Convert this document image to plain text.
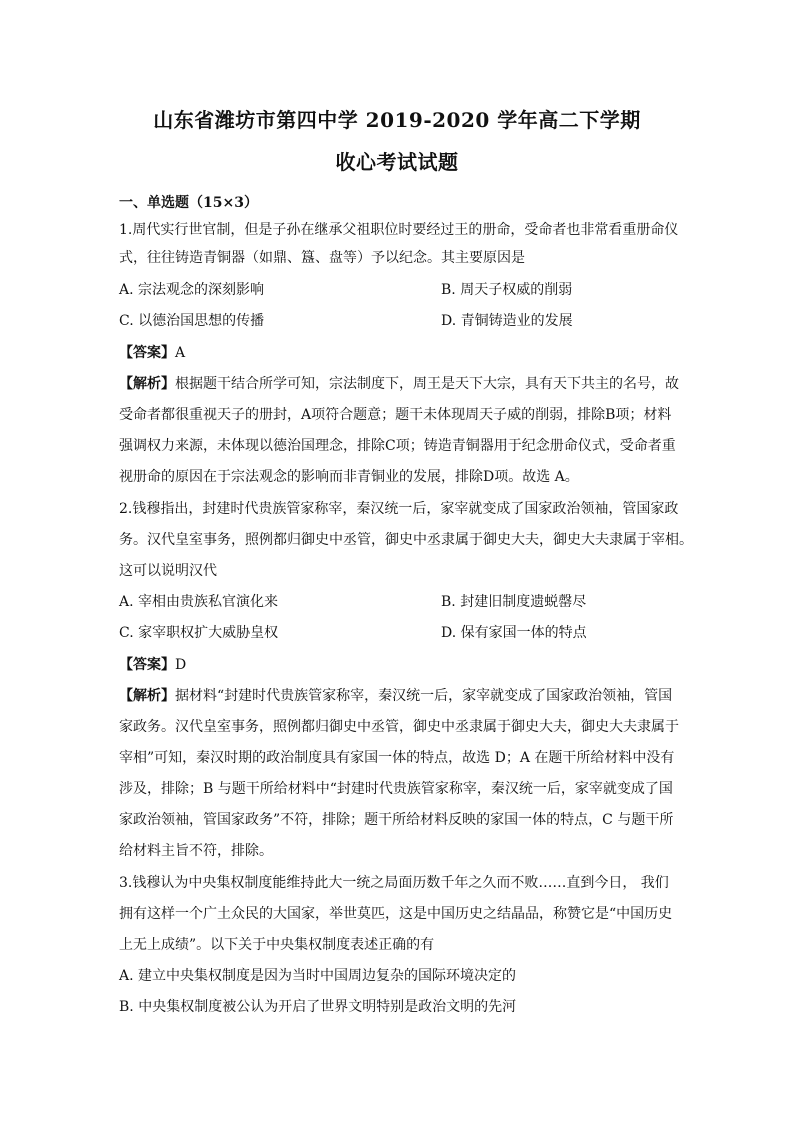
山东省潍坊市第四中学 2019-2020 学年高二下学期
收心考试试题
一、单选题（15×3）
1.周代实行世官制，但是子孙在继承父祖职位时要经过王的册命，受命者也非常看重册命仪
式，往往铸造青铜器（如鼎、簋、盘等）予以纪念。其主要原因是
A. 宗法观念的深刻影响	B. 周天子权威的削弱
C. 以德治国思想的传播	D. 青铜铸造业的发展
【答案】A
【解析】根据题干结合所学可知，宗法制度下，周王是天下大宗，具有天下共主的名号，故
受命者都很重视天子的册封，A项符合题意；题干未体现周天子威的削弱，排除B项；材料
强调权力来源，未体现以德治国理念，排除C项；铸造青铜器用于纪念册命仪式，受命者重
视册命的原因在于宗法观念的影响而非青铜业的发展，排除D项。故选 A。
2.钱穆指出，封建时代贵族管家称宰，秦汉统一后，家宰就变成了国家政治领袖，管国家政
务。汉代皇室事务，照例都归御史中丞管，御史中丞隶属于御史大夫，御史大夫隶属于宰相。
这可以说明汉代
A. 宰相由贵族私官演化来	B. 封建旧制度遗蜕罄尽
C. 家宰职权扩大威胁皇权	D. 保有家国一体的特点
【答案】D
【解析】据材料“封建时代贵族管家称宰，秦汉统一后，家宰就变成了国家政治领袖，管国
家政务。汉代皇室事务，照例都归御史中丞管，御史中丞隶属于御史大夫，御史大夫隶属于
宰相”可知，秦汉时期的政治制度具有家国一体的特点，故选 D；A 在题干所给材料中没有
涉及，排除；B 与题干所给材料中“封建时代贵族管家称宰，秦汉统一后，家宰就变成了国
家政治领袖，管国家政务”不符，排除；题干所给材料反映的家国一体的特点，C 与题干所
给材料主旨不符，排除。
3.钱穆认为中央集权制度能维持此大一统之局面历数千年之久而不败……直到今日， 我们
拥有这样一个广土众民的大国家，举世莫匹，这是中国历史之结晶品，称赞它是“中国历史
上无上成绩”。以下关于中央集权制度表述正确的有
A. 建立中央集权制度是因为当时中国周边复杂的国际环境决定的
B. 中央集权制度被公认为开启了世界文明特别是政治文明的先河
